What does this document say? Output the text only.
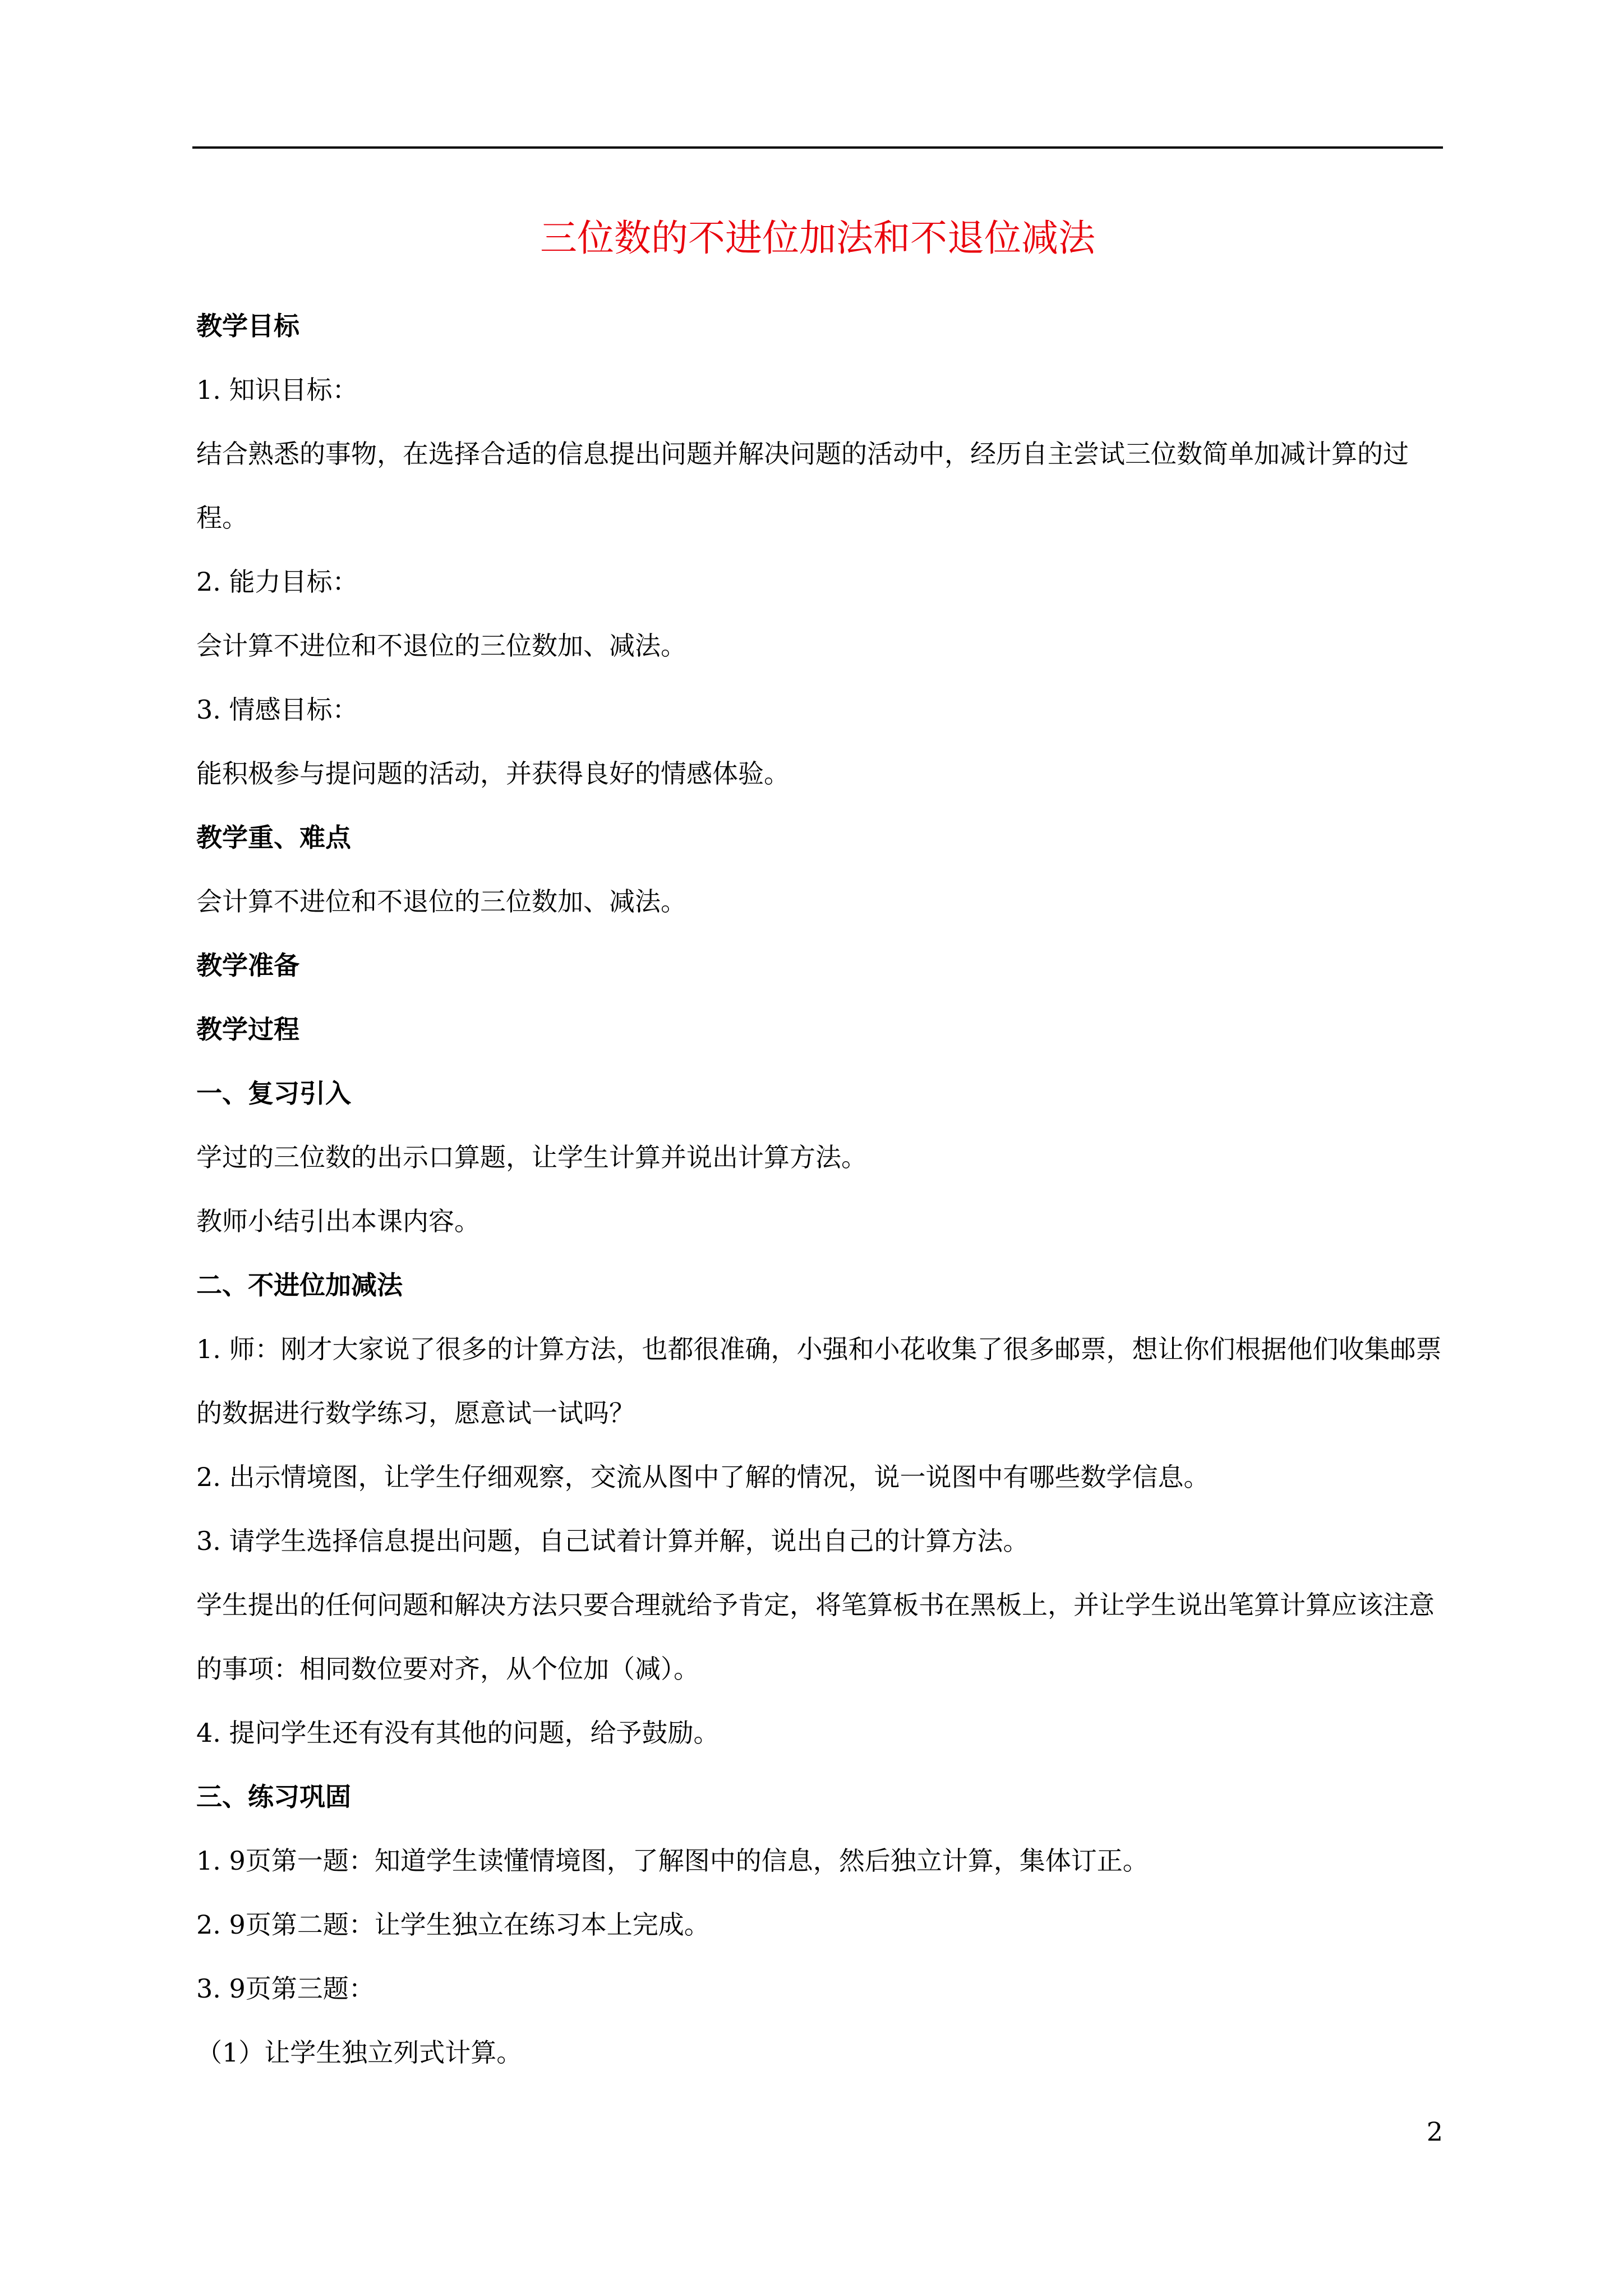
三位数的不进位加法和不退位减法

教学目标

1. 知识目标：

结合熟悉的事物，在选择合适的信息提出问题并解决问题的活动中，经历自主尝试三位数简单加减计算的过程。

2. 能力目标：

会计算不进位和不退位的三位数加、减法。

3. 情感目标：

能积极参与提问题的活动，并获得良好的情感体验。

教学重、难点

会计算不进位和不退位的三位数加、减法。

教学准备

教学过程

一、复习引入

学过的三位数的出示口算题，让学生计算并说出计算方法。

教师小结引出本课内容。

二、不进位加减法

1. 师：刚才大家说了很多的计算方法，也都很准确，小强和小花收集了很多邮票，想让你们根据他们收集邮票的数据进行数学练习，愿意试一试吗？

2. 出示情境图，让学生仔细观察，交流从图中了解的情况，说一说图中有哪些数学信息。

3. 请学生选择信息提出问题，自己试着计算并解，说出自己的计算方法。

学生提出的任何问题和解决方法只要合理就给予肯定，将笔算板书在黑板上，并让学生说出笔算计算应该注意的事项：相同数位要对齐，从个位加（减）。

4. 提问学生还有没有其他的问题，给予鼓励。

三、练习巩固

1. 9页第一题：知道学生读懂情境图，了解图中的信息，然后独立计算，集体订正。

2. 9页第二题：让学生独立在练习本上完成。

3. 9页第三题：

（1）让学生独立列式计算。

2
